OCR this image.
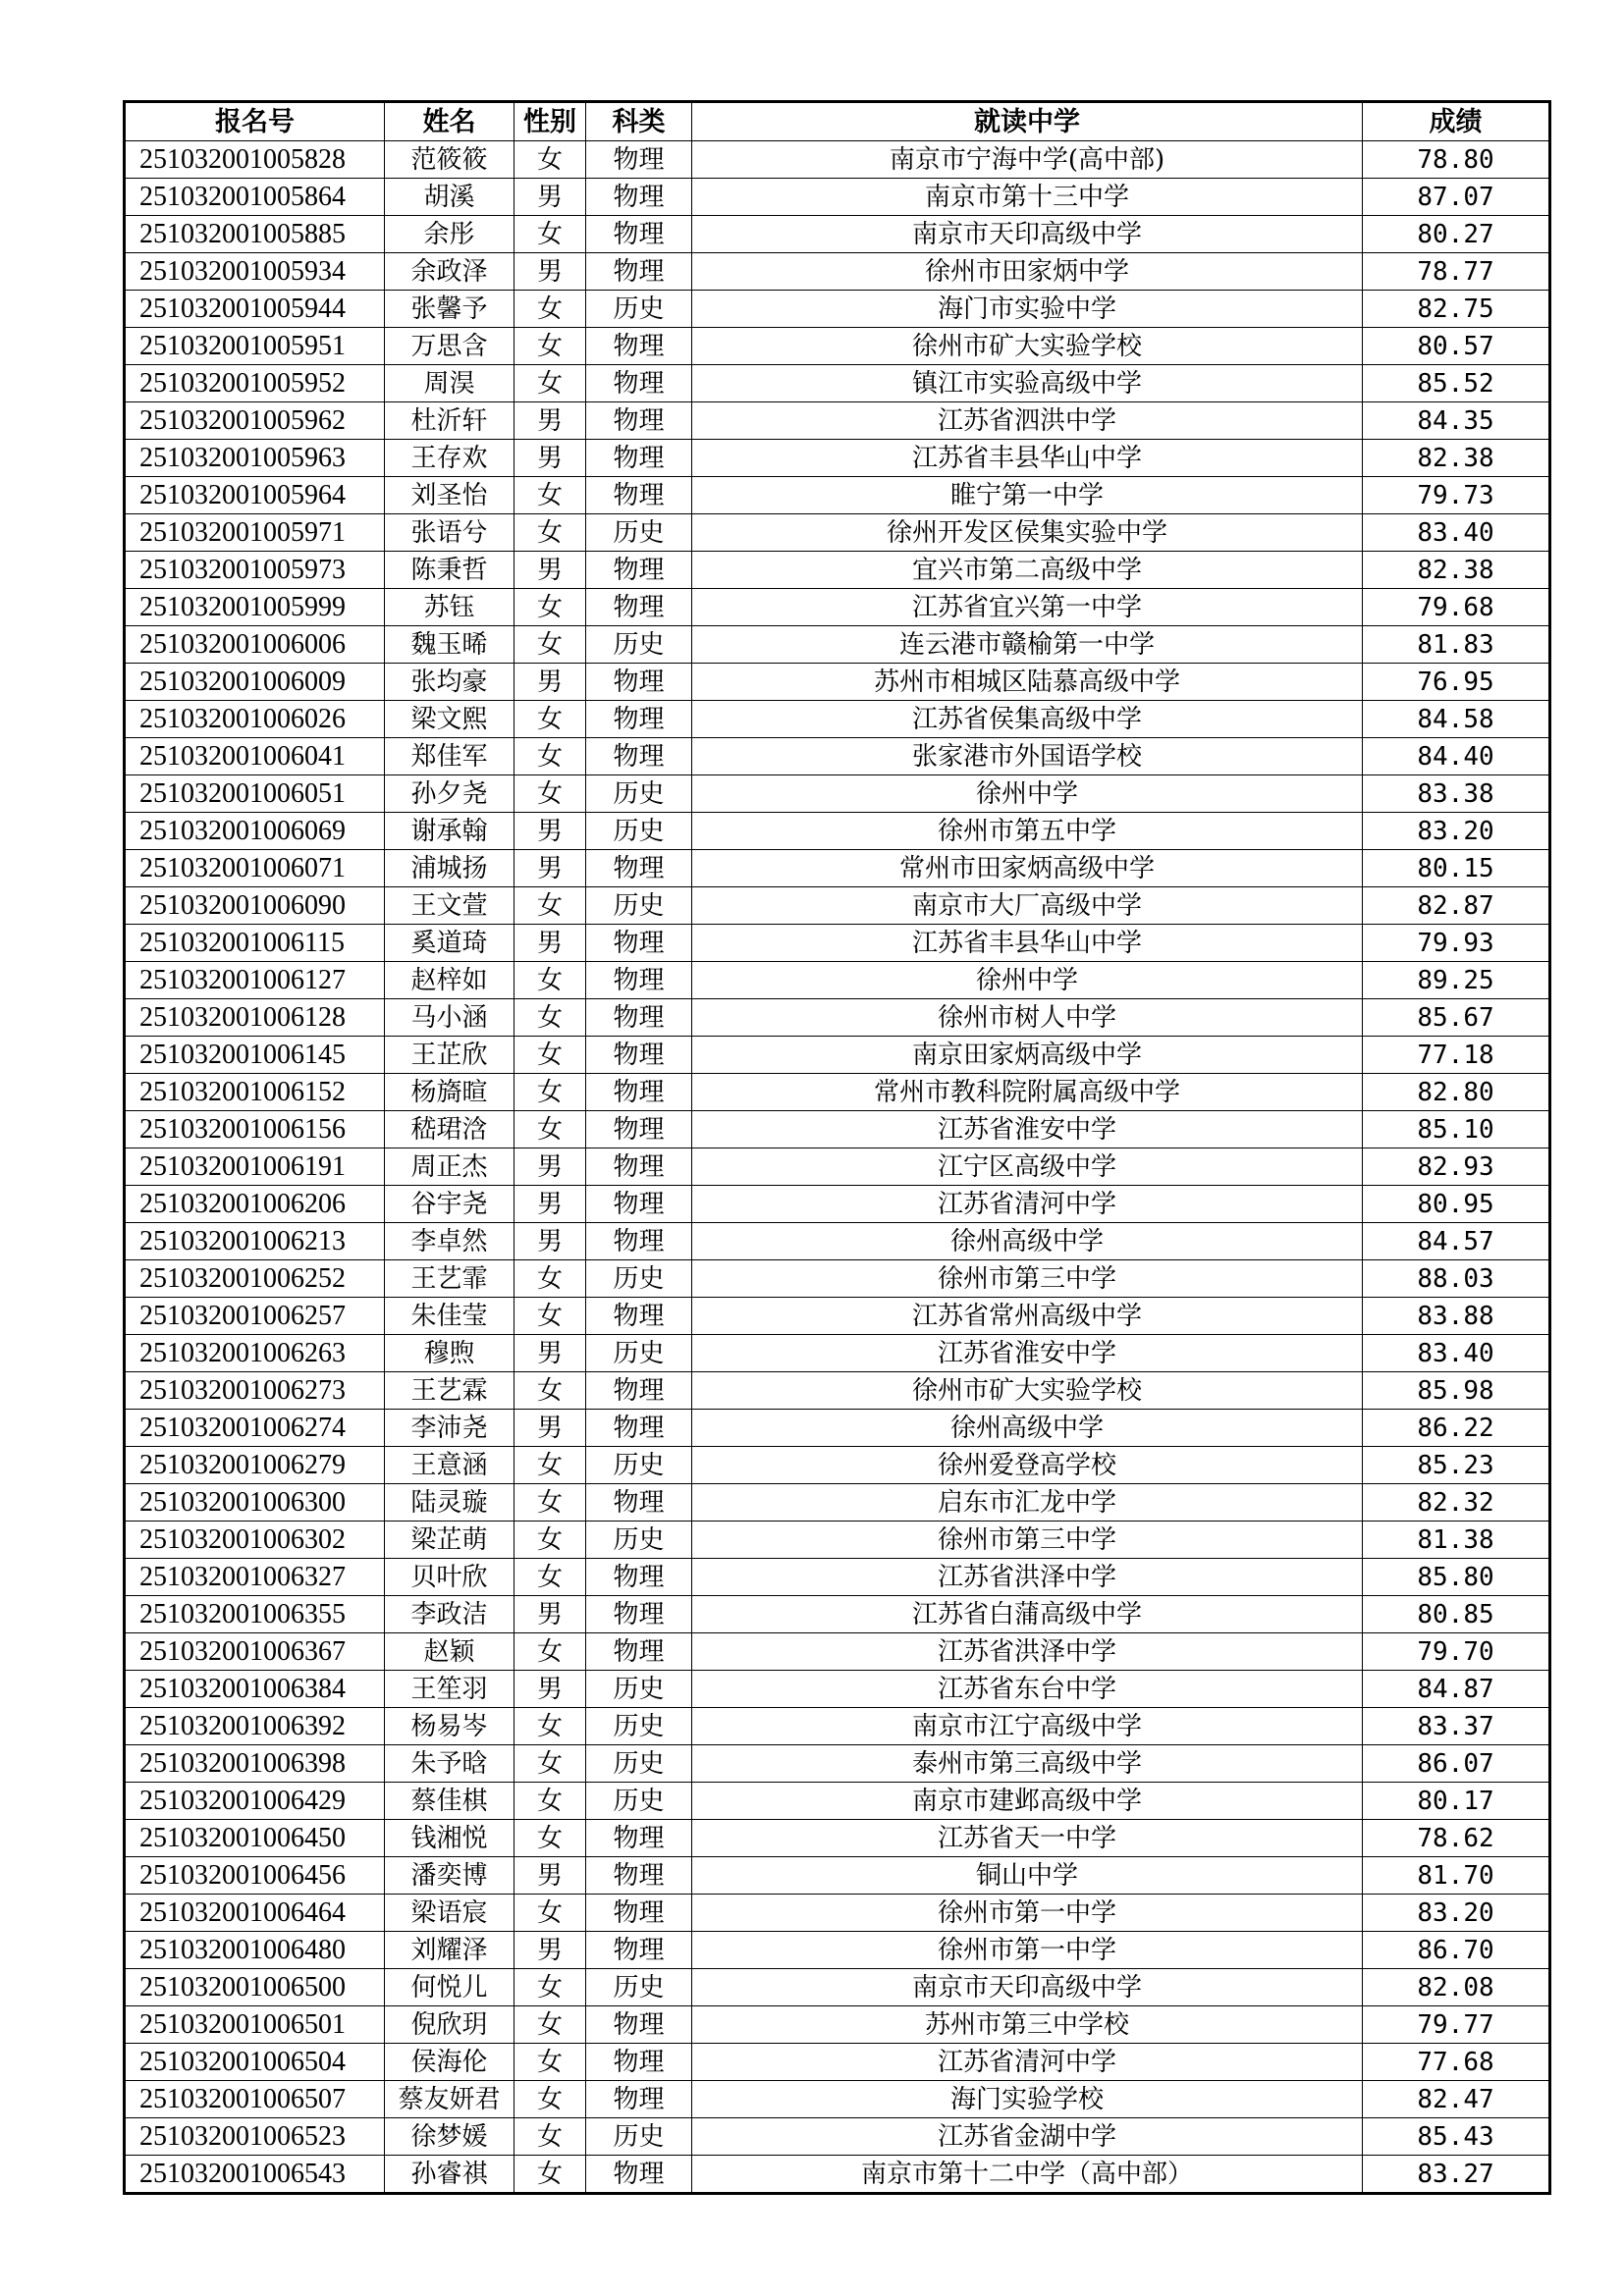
报名号	姓名	性别	科类	就读中学	成绩
251032001005828	范筱筱	女	物理	南京市宁海中学(高中部)	78.80
251032001005864	胡溪	男	物理	南京市第十三中学	87.07
251032001005885	余彤	女	物理	南京市天印高级中学	80.27
251032001005934	余政泽	男	物理	徐州市田家炳中学	78.77
251032001005944	张馨予	女	历史	海门市实验中学	82.75
251032001005951	万思含	女	物理	徐州市矿大实验学校	80.57
251032001005952	周淏	女	物理	镇江市实验高级中学	85.52
251032001005962	杜沂轩	男	物理	江苏省泗洪中学	84.35
251032001005963	王存欢	男	物理	江苏省丰县华山中学	82.38
251032001005964	刘圣怡	女	物理	睢宁第一中学	79.73
251032001005971	张语兮	女	历史	徐州开发区侯集实验中学	83.40
251032001005973	陈秉哲	男	物理	宜兴市第二高级中学	82.38
251032001005999	苏钰	女	物理	江苏省宜兴第一中学	79.68
251032001006006	魏玉晞	女	历史	连云港市赣榆第一中学	81.83
251032001006009	张均豪	男	物理	苏州市相城区陆慕高级中学	76.95
251032001006026	梁文熙	女	物理	江苏省侯集高级中学	84.58
251032001006041	郑佳军	女	物理	张家港市外国语学校	84.40
251032001006051	孙夕尧	女	历史	徐州中学	83.38
251032001006069	谢承翰	男	历史	徐州市第五中学	83.20
251032001006071	浦城扬	男	物理	常州市田家炳高级中学	80.15
251032001006090	王文萱	女	历史	南京市大厂高级中学	82.87
251032001006115	奚道琦	男	物理	江苏省丰县华山中学	79.93
251032001006127	赵梓如	女	物理	徐州中学	89.25
251032001006128	马小涵	女	物理	徐州市树人中学	85.67
251032001006145	王芷欣	女	物理	南京田家炳高级中学	77.18
251032001006152	杨旖暄	女	物理	常州市教科院附属高级中学	82.80
251032001006156	嵇珺浛	女	物理	江苏省淮安中学	85.10
251032001006191	周正杰	男	物理	江宁区高级中学	82.93
251032001006206	谷宇尧	男	物理	江苏省清河中学	80.95
251032001006213	李卓然	男	物理	徐州高级中学	84.57
251032001006252	王艺霏	女	历史	徐州市第三中学	88.03
251032001006257	朱佳莹	女	物理	江苏省常州高级中学	83.88
251032001006263	穆煦	男	历史	江苏省淮安中学	83.40
251032001006273	王艺霖	女	物理	徐州市矿大实验学校	85.98
251032001006274	李沛尧	男	物理	徐州高级中学	86.22
251032001006279	王意涵	女	历史	徐州爱登高学校	85.23
251032001006300	陆灵璇	女	物理	启东市汇龙中学	82.32
251032001006302	梁芷萌	女	历史	徐州市第三中学	81.38
251032001006327	贝叶欣	女	物理	江苏省洪泽中学	85.80
251032001006355	李政洁	男	物理	江苏省白蒲高级中学	80.85
251032001006367	赵颖	女	物理	江苏省洪泽中学	79.70
251032001006384	王笙羽	男	历史	江苏省东台中学	84.87
251032001006392	杨易岑	女	历史	南京市江宁高级中学	83.37
251032001006398	朱予晗	女	历史	泰州市第三高级中学	86.07
251032001006429	蔡佳棋	女	历史	南京市建邺高级中学	80.17
251032001006450	钱湘悦	女	物理	江苏省天一中学	78.62
251032001006456	潘奕博	男	物理	铜山中学	81.70
251032001006464	梁语宸	女	物理	徐州市第一中学	83.20
251032001006480	刘耀泽	男	物理	徐州市第一中学	86.70
251032001006500	何悦儿	女	历史	南京市天印高级中学	82.08
251032001006501	倪欣玥	女	物理	苏州市第三中学校	79.77
251032001006504	侯海伦	女	物理	江苏省清河中学	77.68
251032001006507	蔡友妍君	女	物理	海门实验学校	82.47
251032001006523	徐梦媛	女	历史	江苏省金湖中学	85.43
251032001006543	孙睿祺	女	物理	南京市第十二中学（高中部）	83.27
